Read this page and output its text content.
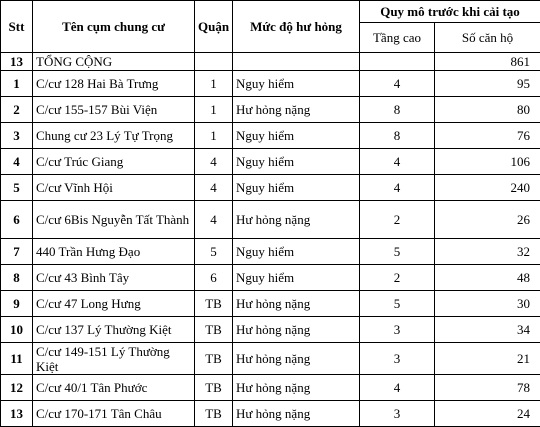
Stt	Tên cụm chung cư	Quận	Mức độ hư hỏng	Quy mô trước khi cải tạo	
				Tầng cao	Số căn hộ
13	TỔNG CỘNG				861
1	C/cư 128 Hai Bà Trưng	1	Nguy hiểm	4	95
2	C/cư 155-157 Bùi Viện	1	Hư hỏng nặng	8	80
3	Chung cư 23 Lý Tự Trọng	1	Nguy hiểm	8	76
4	C/cư Trúc Giang	4	Nguy hiểm	4	106
5	C/cư Vĩnh Hội	4	Nguy hiểm	4	240
6	C/cư 6Bis Nguyễn Tất Thành	4	Hư hỏng nặng	2	26
7	440 Trần Hưng Đạo	5	Nguy hiểm	5	32
8	C/cư 43 Bình Tây	6	Nguy hiểm	2	48
9	C/cư 47 Long Hưng	TB	Hư hỏng nặng	5	30
10	C/cư 137 Lý Thường Kiệt	TB	Hư hỏng nặng	3	34
11	C/cư 149-151 Lý Thường Kiệt	TB	Hư hỏng nặng	3	21
12	C/cư 40/1 Tân Phước	TB	Hư hỏng nặng	4	78
13	C/cư 170-171 Tân Châu	TB	Hư hỏng nặng	3	24
